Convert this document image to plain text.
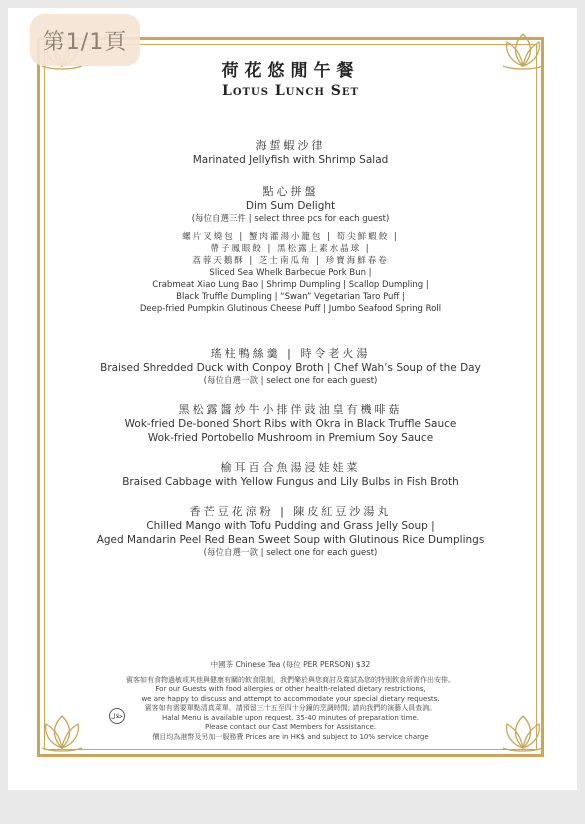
第1/1頁
荷花悠閒午餐
Lotus Lunch Set
海蜇蝦沙律
Marinated Jellyfish with Shrimp Salad
點心拼盤
Dim Sum Delight
(每位自選三件 | select three pcs for each guest)
螺片叉燒包 | 蟹肉灌湯小籠包 | 筍尖鮮蝦餃 |
帶子鳳眼餃 | 黑松露上素水晶球 |
荔蓉天鵝酥 | 芝士南瓜角 | 珍寶海鮮春卷
Sliced Sea Whelk Barbecue Pork Bun |
Crabmeat Xiao Lung Bao | Shrimp Dumpling | Scallop Dumpling |
Black Truffle Dumpling | “Swan” Vegetarian Taro Puff |
Deep-fried Pumpkin Glutinous Cheese Puff | Jumbo Seafood Spring Roll
瑤柱鴨絲羹 | 時令老火湯
Braised Shredded Duck with Conpoy Broth | Chef Wah’s Soup of the Day
(每位自選一款 | select one for each guest)
黑松露醬炒牛小排伴豉油皇有機啡菇
Wok-fried De-boned Short Ribs with Okra in Black Truffle Sauce
Wok-fried Portobello Mushroom in Premium Soy Sauce
榆耳百合魚湯浸娃娃菜
Braised Cabbage with Yellow Fungus and Lily Bulbs in Fish Broth
香芒豆花涼粉 | 陳皮紅豆沙湯丸
Chilled Mango with Tofu Pudding and Grass Jelly Soup |
Aged Mandarin Peel Red Bean Sweet Soup with Glutinous Rice Dumplings
(每位自選一款 | select one for each guest)
中國茶 Chinese Tea (每位 PER PERSON) $32
賓客如有食物過敏或其他與健康有關的飲食限制，我們樂於與您商討及嘗試為您的特別飲食所需作出安排。
For our Guests with food allergies or other health-related dietary restrictions,
we are happy to discuss and attempt to accommodate your special dietary requests.
賓客如有需要單點清真菜單，請預留三十五至四十分鐘的烹調時間; 請向我們的演藝人員查詢。
Halal Menu is available upon request. 35-40 minutes of preparation time.
Please contact our Cast Members for Assistance.
價目均為港幣及另加一服務費 Prices are in HK$ and subject to 10% service charge
حلال
